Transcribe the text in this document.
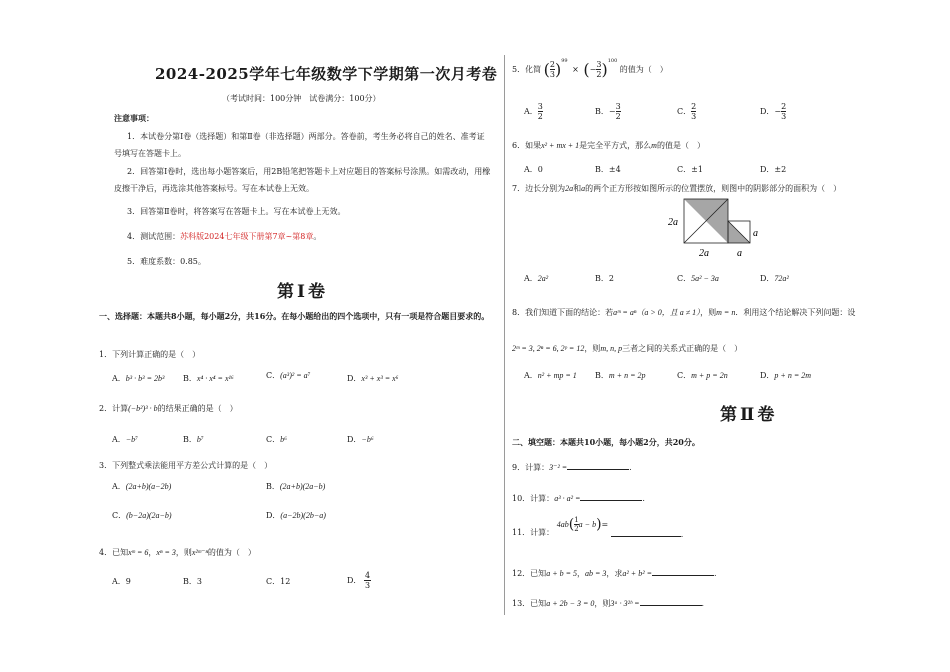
2024-2025学年七年级数学下学期第一次月考卷
（考试时间：100分钟　试卷满分：100分）
注意事项：
1．本试卷分第Ⅰ卷（选择题）和第Ⅱ卷（非选择题）两部分。答卷前，考生务必将自己的姓名、准考证号填写在答题卡上。
2．回答第Ⅰ卷时，选出每小题答案后，用2B铅笔把答题卡上对应题目的答案标号涂黑。如需改动，用橡皮擦干净后，再选涂其他答案标号。写在本试卷上无效。
3．回答第Ⅱ卷时，将答案写在答题卡上。写在本试卷上无效。
4．测试范围：苏科版2024七年级下册第7章~第8章。
5．难度系数：0.85。
第Ⅰ卷
一、选择题：本题共8小题，每小题2分，共16分。在每小题给出的四个选项中，只有一项是符合题目要求的。
1．下列计算正确的是（　）
A．b³ · b³ = 2b³ B．x⁴ · x⁴ = x¹⁶	C．(a³)² = a⁷	D．x³ + x³ = x⁶
2．计算(−b²)³ · b的结果正确的是（　）
A．−b⁷	B．b⁷	C．b⁶	D．−b⁶
3．下列整式乘法能用平方差公式计算的是（　）
A．(2a+b)(a−2b)	B．(2a+b)(2a−b)
C．(b−2a)(2a−b)	D．(a−2b)(2b−a)
4．已知xᵐ = 6，xⁿ = 3，则x²ᵐ⁻ⁿ的值为（　）
A．9	B．3	C．12	D． $\frac{4}{3}$
5．化简 ( $\frac{2}{3} )^{99}$ × (− $\frac{3}{2} )^{100}$ 的值为（　）
A． $\frac{3}{2}$	B．− $\frac{3}{2}$	C． $\frac{2}{3}$	D．− $\frac{2}{3}$
6．如果x² + mx + 1是完全平方式，那么m的值是（　）
A．0	B．±4	C．±1	D．±2
7．边长分别为2a和a的两个正方形按如图所示的位置摆放，则图中的阴影部分的面积为（　）
2a
2a	a
a
A．2a²	B．2	C．5a² − 3a	D．72a²
8．我们知道下面的结论：若aᵐ = aⁿ（a > 0，且 a ≠ 1），则m = n．利用这个结论解决下列问题：设
2ᵐ = 3, 2ⁿ = 6, 2ᵖ = 12，则m, n, p三者之间的关系式正确的是（　）
A．n² + mp = 1 B．m + n = 2p	C．m + p = 2n	D．p + n = 2m
第Ⅱ卷
二、填空题：本题共10小题，每小题2分，共20分。
9．计算：3⁻² =	.
10．计算：a³ · a² =	.
11．计算： $4ab( \frac{1}{2}$ a − b)= .
12．已知a + b = 5，ab = 3，求a² + b² =	.
13．已知a + 2b − 3 = 0，则3ᵃ · 3²ᵇ =	.
